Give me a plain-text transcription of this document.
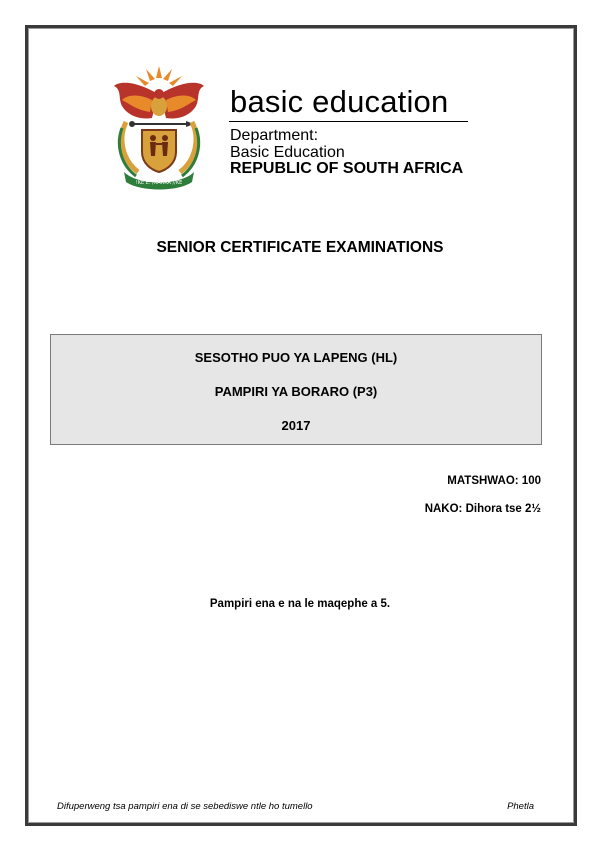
!KE E: /XARRA //KE
basic education
Department:
Basic Education
REPUBLIC OF SOUTH AFRICA
SENIOR CERTIFICATE EXAMINATIONS
SESOTHO PUO YA LAPENG (HL)
PAMPIRI YA BORARO (P3)
2017
MATSHWAO: 100
NAKO: Dihora tse 2½
Pampiri ena e na le maqephe a 5.
Difuperweng tsa pampiri ena di se sebediswe ntle ho tumello	Phetla
